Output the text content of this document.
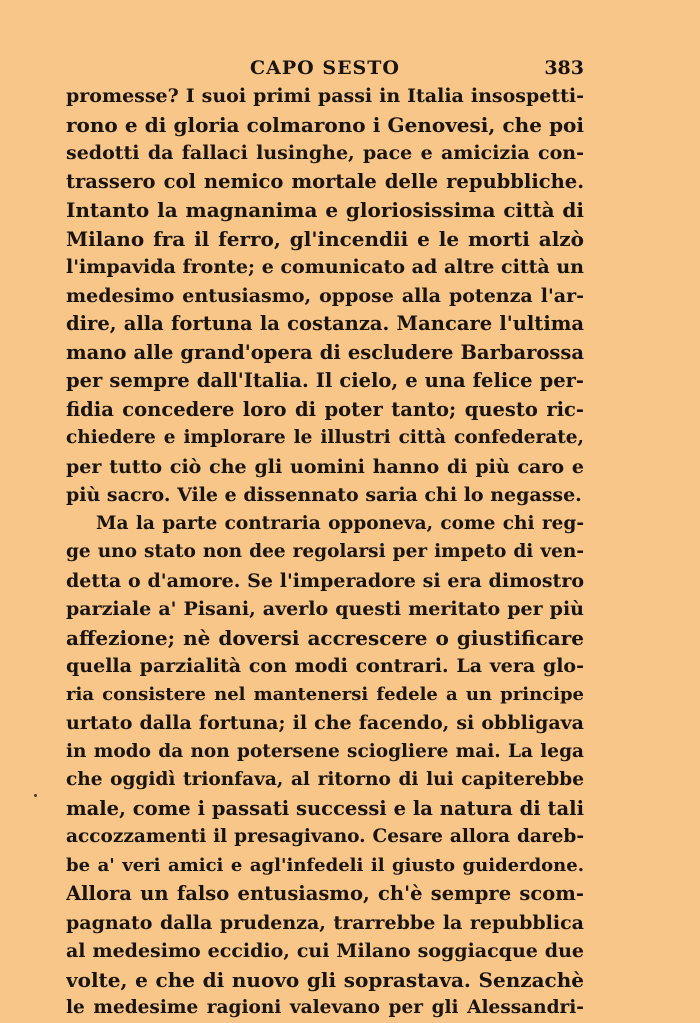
CAPO SESTO	383
promesse? I suoi primi passi in Italia insospetti-
rono e di gloria colmarono i Genovesi, che poi
sedotti da fallaci lusinghe, pace e amicizia con-
trassero col nemico mortale delle repubbliche.
Intanto la magnanima e gloriosissima città di
Milano fra il ferro, gl'incendii e le morti alzò
l'impavida fronte; e comunicato ad altre città un
medesimo entusiasmo, oppose alla potenza l'ar-
dire, alla fortuna la costanza. Mancare l'ultima
mano alle grand'opera di escludere Barbarossa
per sempre dall'Italia. Il cielo, e una felice per-
fidia concedere loro di poter tanto; questo ric-
chiedere e implorare le illustri città confederate,
per tutto ciò che gli uomini hanno di più caro e
più sacro. Vile e dissennato saria chi lo negasse.
Ma la parte contraria opponeva, come chi reg-
ge uno stato non dee regolarsi per impeto di ven-
detta o d'amore. Se l'imperadore si era dimostro
parziale a' Pisani, averlo questi meritato per più
affezione; nè doversi accrescere o giustificare
quella parzialità con modi contrari. La vera glo-
ria consistere nel mantenersi fedele a un principe
urtato dalla fortuna; il che facendo, si obbligava
in modo da non potersene sciogliere mai. La lega
che oggidì trionfava, al ritorno di lui capiterebbe
male, come i passati successi e la natura di tali
accozzamenti il presagivano. Cesare allora dareb-
be a' veri amici e agl'infedeli il giusto guiderdone.
Allora un falso entusiasmo, ch'è sempre scom-
pagnato dalla prudenza, trarrebbe la repubblica
al medesimo eccidio, cui Milano soggiacque due
volte, e che di nuovo gli soprastava. Senzachè
le medesime ragioni valevano per gli Alessandri-
